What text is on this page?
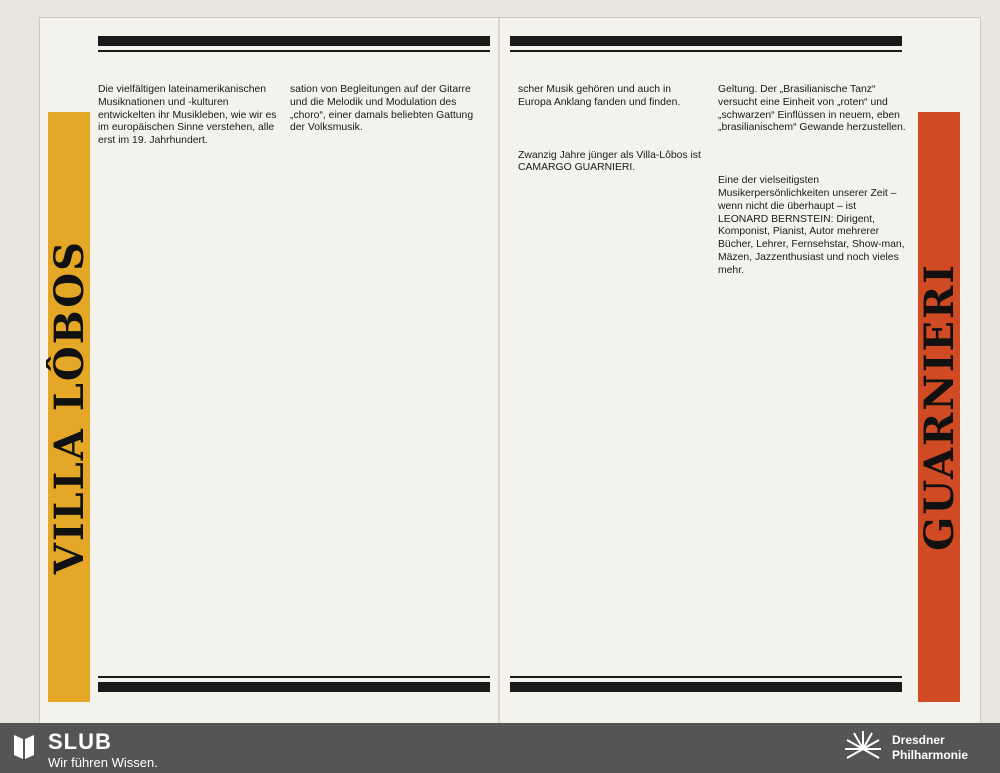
VILLA LÔBOS	GUARNIERI

Die vielfältigen lateinamerikanischen Musiknationen und -kulturen entwickelten ihr Musikleben, wie wir es im europäischen Sinne verstehen, alle erst im 19. Jahrhundert.

sation von Begleitungen auf der Gitarre und die Melodik und Modulation des „choro“, einer damals beliebten Gattung der Volksmusik.

scher Musik gehören und auch in Europa Anklang fanden und finden.

Zwanzig Jahre jünger als Villa-Lôbos ist CAMARGO GUARNIERI.

Geltung. Der „Brasilianische Tanz“ versucht eine Einheit von „roten“ und „schwarzen“ Einflüssen in neuem, eben „brasilianischem“ Gewande herzustellen.

Eine der vielseitigsten Musikerpersönlichkeiten unserer Zeit – wenn nicht die überhaupt – ist LEONARD BERNSTEIN: Dirigent, Komponist, Pianist, Autor mehrerer Bücher, Lehrer, Fernsehstar, Show-man, Mäzen, Jazzenthusiast und noch vieles mehr.

SLUB
Wir führen Wissen.
Dresdner
Philharmonie
